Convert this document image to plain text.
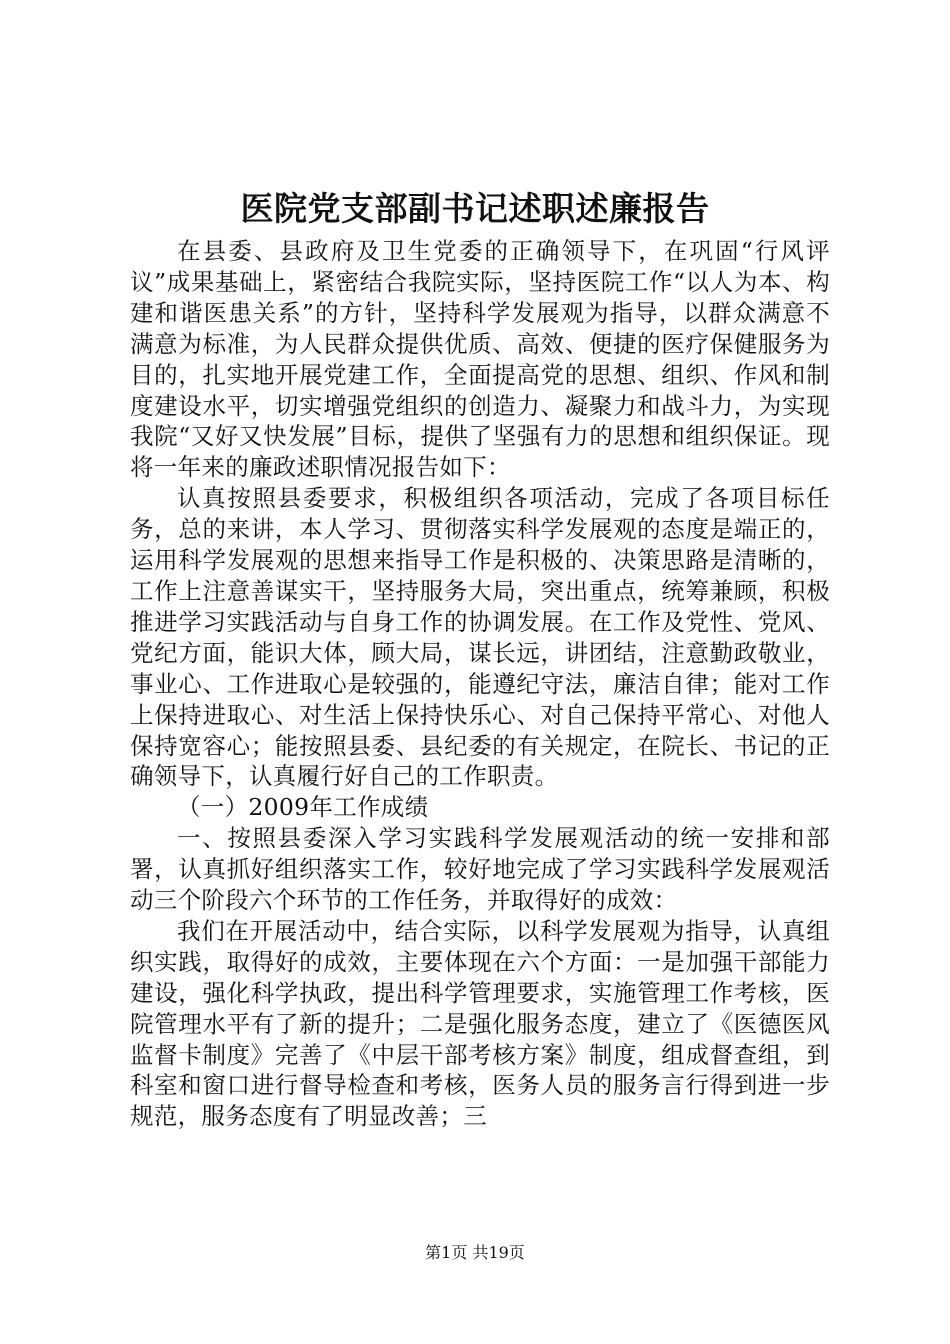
医院党支部副书记述职述廉报告

在县委、县政府及卫生党委的正确领导下，在巩固“行风评议”成果基础上，紧密结合我院实际，坚持医院工作“以人为本、构建和谐医患关系”的方针，坚持科学发展观为指导，以群众满意不满意为标准，为人民群众提供优质、高效、便捷的医疗保健服务为目的，扎实地开展党建工作，全面提高党的思想、组织、作风和制度建设水平，切实增强党组织的创造力、凝聚力和战斗力，为实现我院“又好又快发展”目标，提供了坚强有力的思想和组织保证。现将一年来的廉政述职情况报告如下：

认真按照县委要求，积极组织各项活动，完成了各项目标任务，总的来讲，本人学习、贯彻落实科学发展观的态度是端正的，运用科学发展观的思想来指导工作是积极的、决策思路是清晰的，工作上注意善谋实干，坚持服务大局，突出重点，统筹兼顾，积极推进学习实践活动与自身工作的协调发展。在工作及党性、党风、党纪方面，能识大体，顾大局，谋长远，讲团结，注意勤政敬业，事业心、工作进取心是较强的，能遵纪守法，廉洁自律；能对工作上保持进取心、对生活上保持快乐心、对自己保持平常心、对他人保持宽容心；能按照县委、县纪委的有关规定，在院长、书记的正确领导下，认真履行好自己的工作职责。

（一）2009年工作成绩

一、按照县委深入学习实践科学发展观活动的统一安排和部署，认真抓好组织落实工作，较好地完成了学习实践科学发展观活动三个阶段六个环节的工作任务，并取得好的成效：

我们在开展活动中，结合实际，以科学发展观为指导，认真组织实践，取得好的成效，主要体现在六个方面：一是加强干部能力建设，强化科学执政，提出科学管理要求，实施管理工作考核，医院管理水平有了新的提升；二是强化服务态度，建立了《医德医风监督卡制度》完善了《中层干部考核方案》制度，组成督查组，到科室和窗口进行督导检查和考核，医务人员的服务言行得到进一步规范，服务态度有了明显改善；三

第1页 共19页
